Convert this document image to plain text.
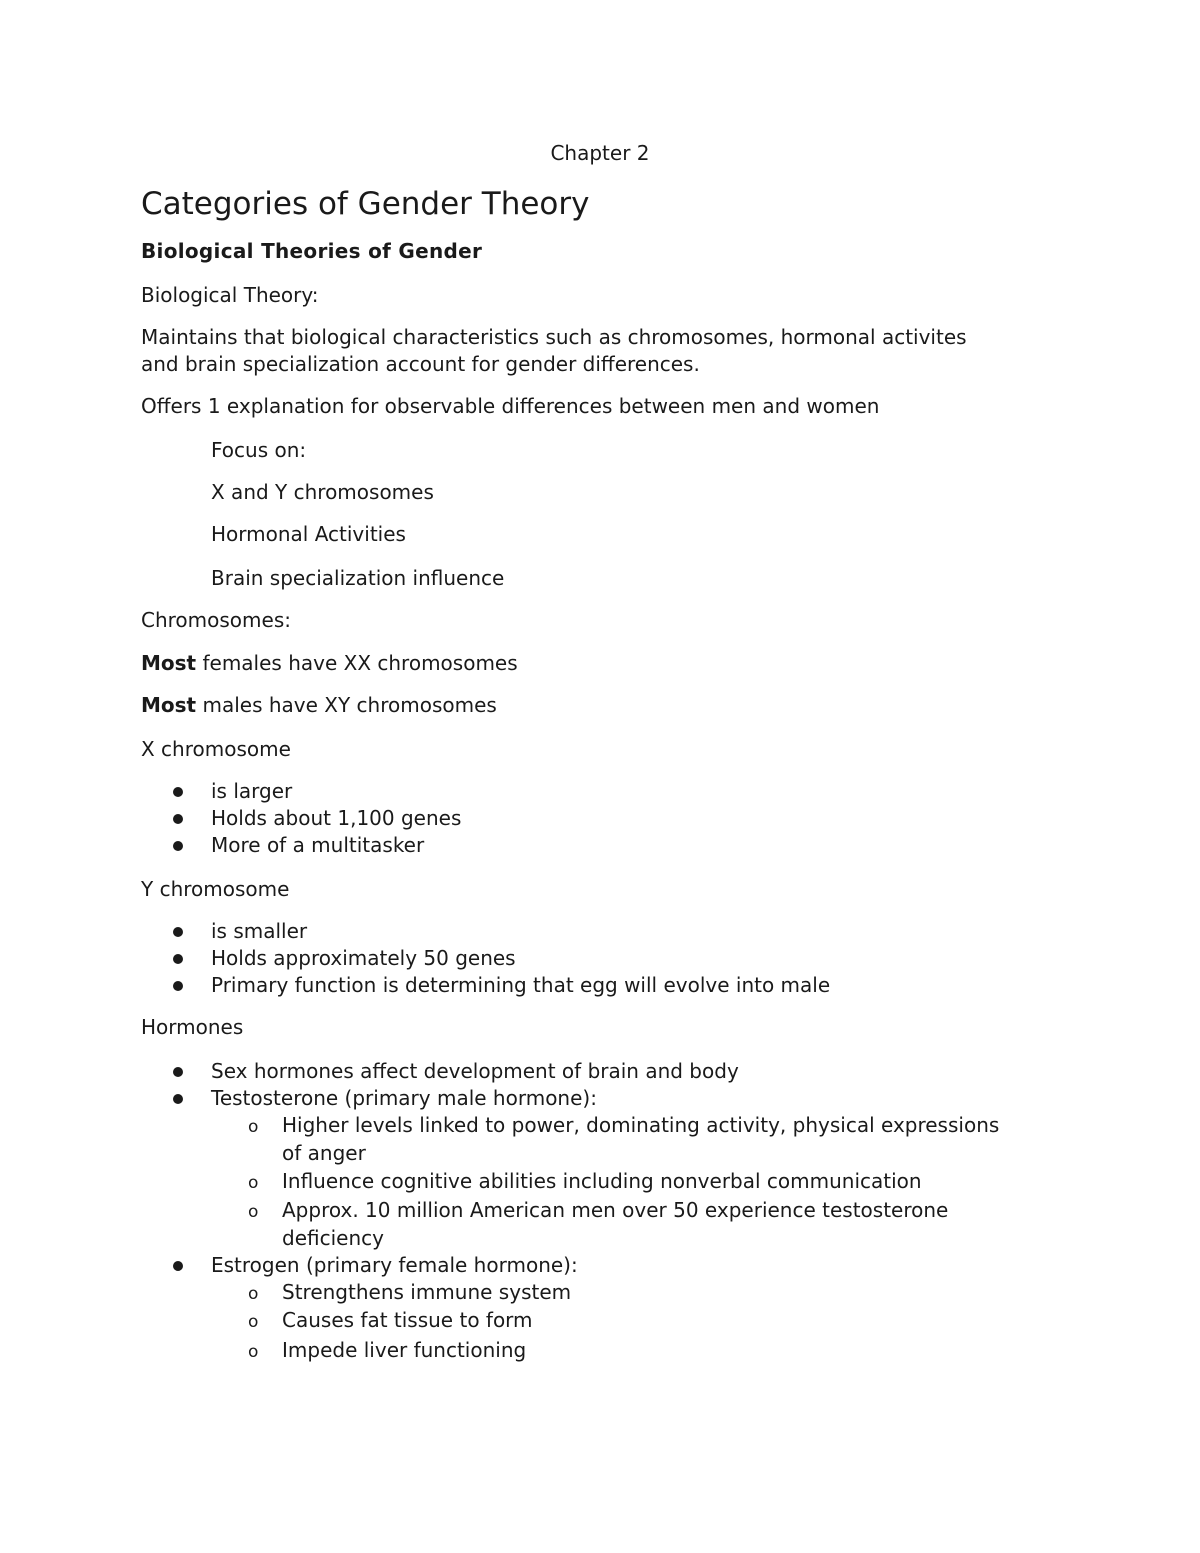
Chapter 2
Categories of Gender Theory
Biological Theories of Gender
Biological Theory:
Maintains that biological characteristics such as chromosomes, hormonal activites
and brain specialization account for gender differences.
Offers 1 explanation for observable differences between men and women
Focus on:
X and Y chromosomes
Hormonal Activities
Brain specialization influence
Chromosomes:
Most females have XX chromosomes
Most males have XY chromosomes
X chromosome
is larger
Holds about 1,100 genes
More of a multitasker
Y chromosome
is smaller
Holds approximately 50 genes
Primary function is determining that egg will evolve into male
Hormones
Sex hormones affect development of brain and body
Testosterone (primary male hormone):
o Higher levels linked to power, dominating activity, physical expressions
of anger
o Influence cognitive abilities including nonverbal communication
o Approx. 10 million American men over 50 experience testosterone
deficiency
Estrogen (primary female hormone):
o Strengthens immune system
o Causes fat tissue to form
o Impede liver functioning
